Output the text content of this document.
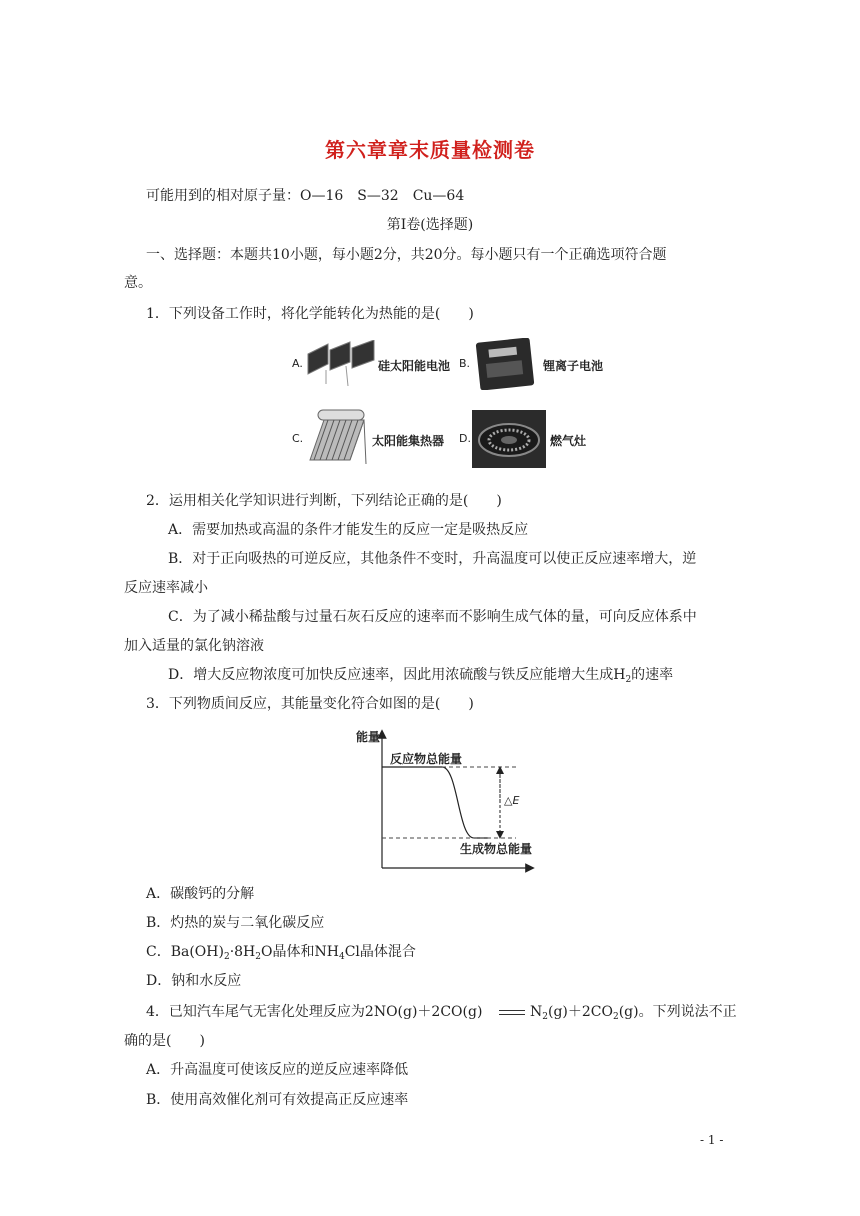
第六章章末质量检测卷
可能用到的相对原子量：O—16　S—32　Cu—64
第Ⅰ卷(选择题)
一、选择题：本题共10小题，每小题2分，共20分。每小题只有一个正确选项符合题
意。
1．下列设备工作时，将化学能转化为热能的是(　　)
A.	硅太阳能电池 B.	锂离子电池
C.	太阳能集热器 D.	燃气灶
2．运用相关化学知识进行判断，下列结论正确的是(　　)
A．需要加热或高温的条件才能发生的反应一定是吸热反应
B．对于正向吸热的可逆反应，其他条件不变时，升高温度可以使正反应速率增大，逆
反应速率减小
C．为了减小稀盐酸与过量石灰石反应的速率而不影响生成气体的量，可向反应体系中
加入适量的氯化钠溶液
D．增大反应物浓度可加快反应速率，因此用浓硫酸与铁反应能增大生成$H_2$的速率
3．下列物质间反应，其能量变化符合如图的是(　　)
能量
反应物总能量
生成物总能量
△E
A．碳酸钙的分解
B．灼热的炭与二氧化碳反应
C．$Ba(OH)_2\cdot 8H_2O$晶体和$NH_4Cl$晶体混合
D．钠和水反应
4．已知汽车尾气无害化处理反应为2NO(g)＋2CO(g)	$N_2(g)+2CO_2(g)$。下列说法不正
确的是(　　)
A．升高温度可使该反应的逆反应速率降低
B．使用高效催化剂可有效提高正反应速率
- 1 -
